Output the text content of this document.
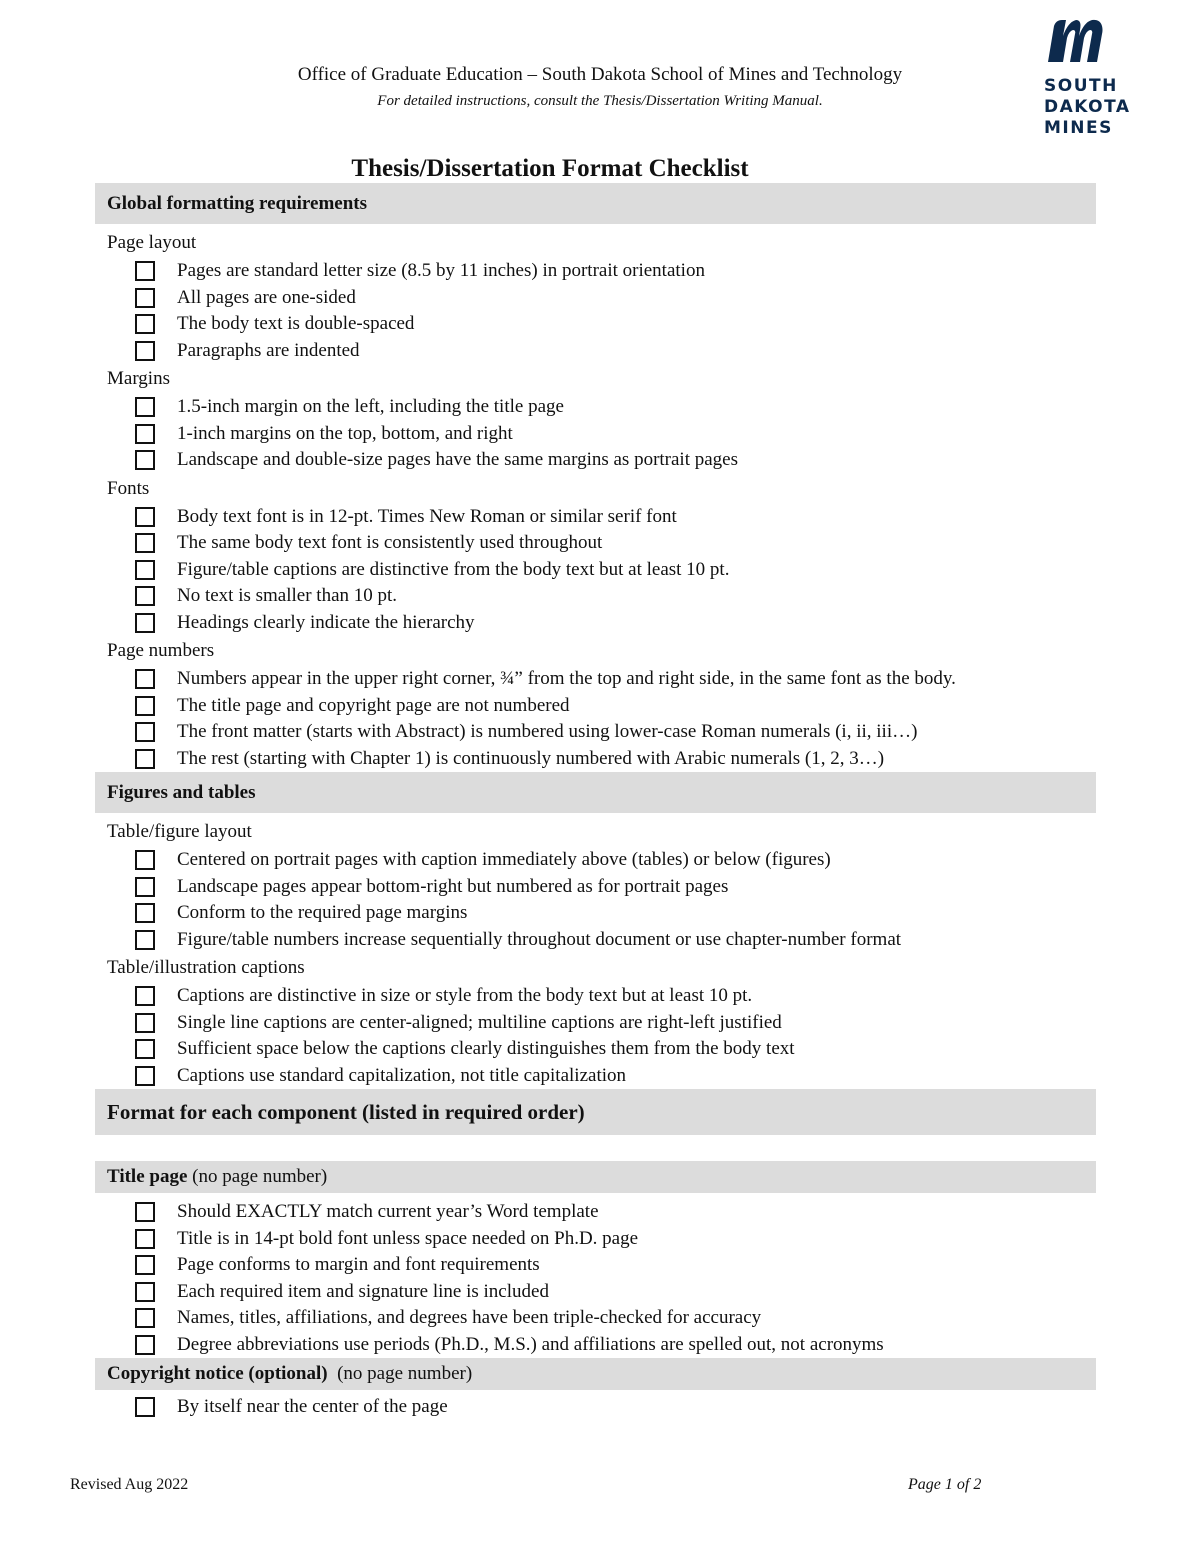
Office of Graduate Education – South Dakota School of Mines and Technology
For detailed instructions, consult the Thesis/Dissertation Writing Manual.
SOUTH
DAKOTA
MINES
Thesis/Dissertation Format Checklist
Global formatting requirements
Page layout
Pages are standard letter size (8.5 by 11 inches) in portrait orientation
All pages are one-sided
The body text is double-spaced
Paragraphs are indented
Margins
1.5-inch margin on the left, including the title page
1-inch margins on the top, bottom, and right
Landscape and double-size pages have the same margins as portrait pages
Fonts
Body text font is in 12-pt. Times New Roman or similar serif font
The same body text font is consistently used throughout
Figure/table captions are distinctive from the body text but at least 10 pt.
No text is smaller than 10 pt.
Headings clearly indicate the hierarchy
Page numbers
Numbers appear in the upper right corner, ¾” from the top and right side, in the same font as the body.
The title page and copyright page are not numbered
The front matter (starts with Abstract) is numbered using lower-case Roman numerals (i, ii, iii…)
The rest (starting with Chapter 1) is continuously numbered with Arabic numerals (1, 2, 3…)
Figures and tables
Table/figure layout
Centered on portrait pages with caption immediately above (tables) or below (figures)
Landscape pages appear bottom-right but numbered as for portrait pages
Conform to the required page margins
Figure/table numbers increase sequentially throughout document or use chapter-number format
Table/illustration captions
Captions are distinctive in size or style from the body text but at least 10 pt.
Single line captions are center-aligned; multiline captions are right-left justified
Sufficient space below the captions clearly distinguishes them from the body text
Captions use standard capitalization, not title capitalization
Format for each component (listed in required order)
Title page (no page number)
Should EXACTLY match current year’s Word template
Title is in 14-pt bold font unless space needed on Ph.D. page
Page conforms to margin and font requirements
Each required item and signature line is included
Names, titles, affiliations, and degrees have been triple-checked for accuracy
Degree abbreviations use periods (Ph.D., M.S.) and affiliations are spelled out, not acronyms
Copyright notice (optional) (no page number)
By itself near the center of the page
Revised Aug 2022	Page 1 of 2
